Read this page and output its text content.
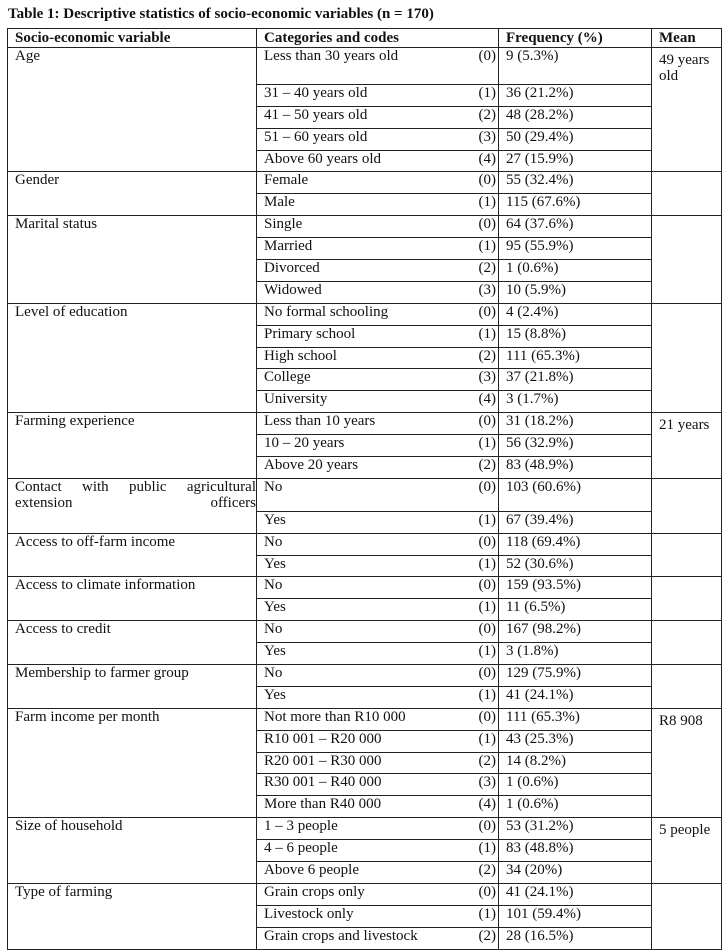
Table 1: Descriptive statistics of socio-economic variables (n = 170)
Socio-economic variable	Categories and codes		Frequency (%)	Mean
Age	Less than 30 years old	(0)	9 (5.3%)	49 years old
	31 – 40 years old	(1)	36 (21.2%)	
	41 – 50 years old	(2)	48 (28.2%)	
	51 – 60 years old	(3)	50 (29.4%)	
	Above 60 years old	(4)	27 (15.9%)	
Gender	Female	(0)	55 (32.4%)	
	Male	(1)	115 (67.6%)	
Marital status	Single	(0)	64 (37.6%)	
	Married	(1)	95 (55.9%)	
	Divorced	(2)	1 (0.6%)	
	Widowed	(3)	10 (5.9%)	
Level of education	No formal schooling	(0)	4 (2.4%)	
	Primary school	(1)	15 (8.8%)	
	High school	(2)	111 (65.3%)	
	College	(3)	37 (21.8%)	
	University	(4)	3 (1.7%)	
Farming experience	Less than 10 years	(0)	31 (18.2%)	21 years
	10 – 20 years	(1)	56 (32.9%)	
	Above 20 years	(2)	83 (48.9%)	

Contact with public agricultural extension officers	No	(0)	103 (60.6%)	
	Yes	(1)	67 (39.4%)	
Access to off-farm income	No	(0)	118 (69.4%)	
	Yes	(1)	52 (30.6%)	
Access to climate information	No	(0)	159 (93.5%)	
	Yes	(1)	11 (6.5%)	
Access to credit	No	(0)	167 (98.2%)	
	Yes	(1)	3 (1.8%)	
Membership to farmer group	No	(0)	129 (75.9%)	
	Yes	(1)	41 (24.1%)	
Farm income per month	Not more than R10 000	(0)	111 (65.3%)	R8 908
	R10 001 – R20 000	(1)	43 (25.3%)	
	R20 001 – R30 000	(2)	14 (8.2%)	
	R30 001 – R40 000	(3)	1 (0.6%)	
	More than R40 000	(4)	1 (0.6%)	
Size of household	1 – 3 people	(0)	53 (31.2%)	5 people
	4 – 6 people	(1)	83 (48.8%)	
	Above 6 people	(2)	34 (20%)	
Type of farming	Grain crops only	(0)	41 (24.1%)	
	Livestock only	(1)	101 (59.4%)	
	Grain crops and livestock	(2)	28 (16.5%)	
